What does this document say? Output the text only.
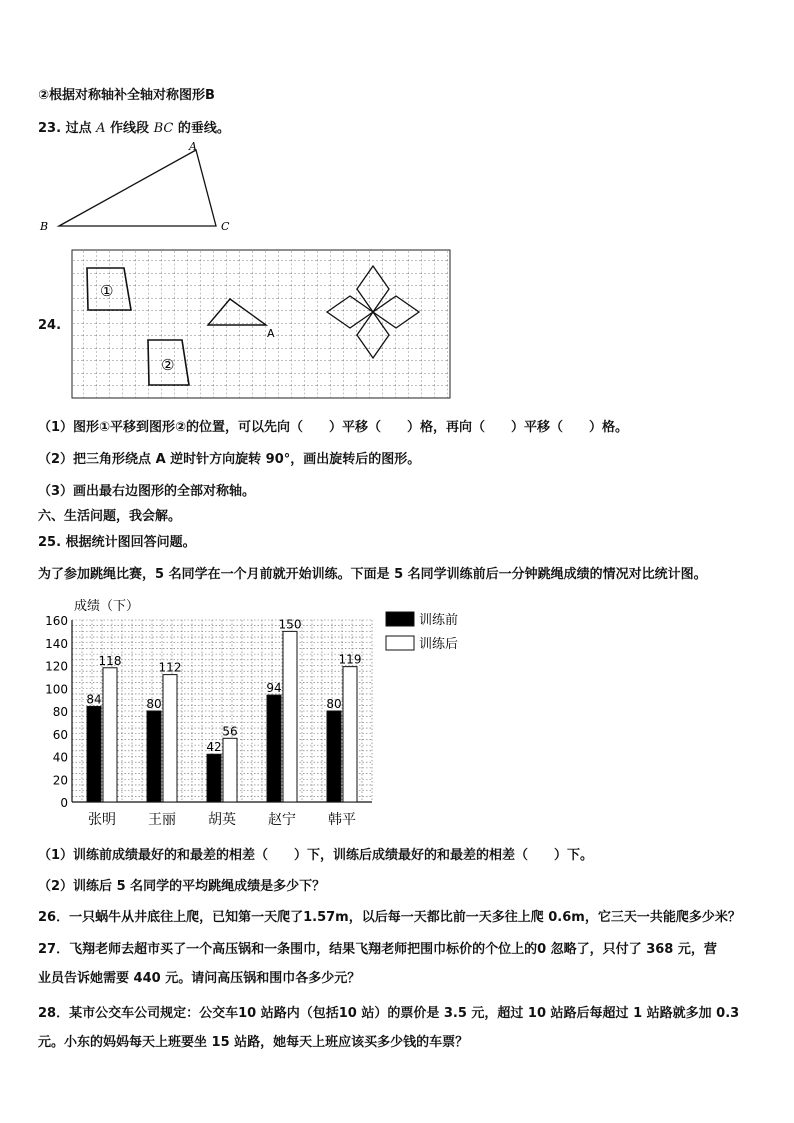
②根据对称轴补全轴对称图形B
23. 过点 A 作线段 BC 的垂线。
A
B	C
24.
①
②
A
（1）图形①平移到图形②的位置，可以先向（　　）平移（　　）格，再向（　　）平移（　　）格。
（2）把三角形绕点 A 逆时针方向旋转 90°，画出旋转后的图形。
（3）画出最右边图形的全部对称轴。
六、生活问题，我会解。
25. 根据统计图回答问题。
为了参加跳绳比赛，5 名同学在一个月前就开始训练。下面是 5 名同学训练前后一分钟跳绳成绩的情况对比统计图。
成绩（下）
0
20
40
60
80
100
120
140
160
84
118
张明
80
112
王丽
42
56
胡英
94
150
赵宁
80
119
韩平
训练前
训练后
（1）训练前成绩最好的和最差的相差（　　）下，训练后成绩最好的和最差的相差（　　）下。
（2）训练后 5 名同学的平均跳绳成绩是多少下？
26．一只蜗牛从井底往上爬，已知第一天爬了1.57m，以后每一天都比前一天多往上爬 0.6m，它三天一共能爬多少米？
27．飞翔老师去超市买了一个高压锅和一条围巾，结果飞翔老师把围巾标价的个位上的0 忽略了，只付了 368 元，营
业员告诉她需要 440 元。请问高压锅和围巾各多少元？
28．某市公交车公司规定：公交车10 站路内（包括10 站）的票价是 3.5 元，超过 10 站路后每超过 1 站路就多加 0.3
元。小东的妈妈每天上班要坐 15 站路，她每天上班应该买多少钱的车票？
